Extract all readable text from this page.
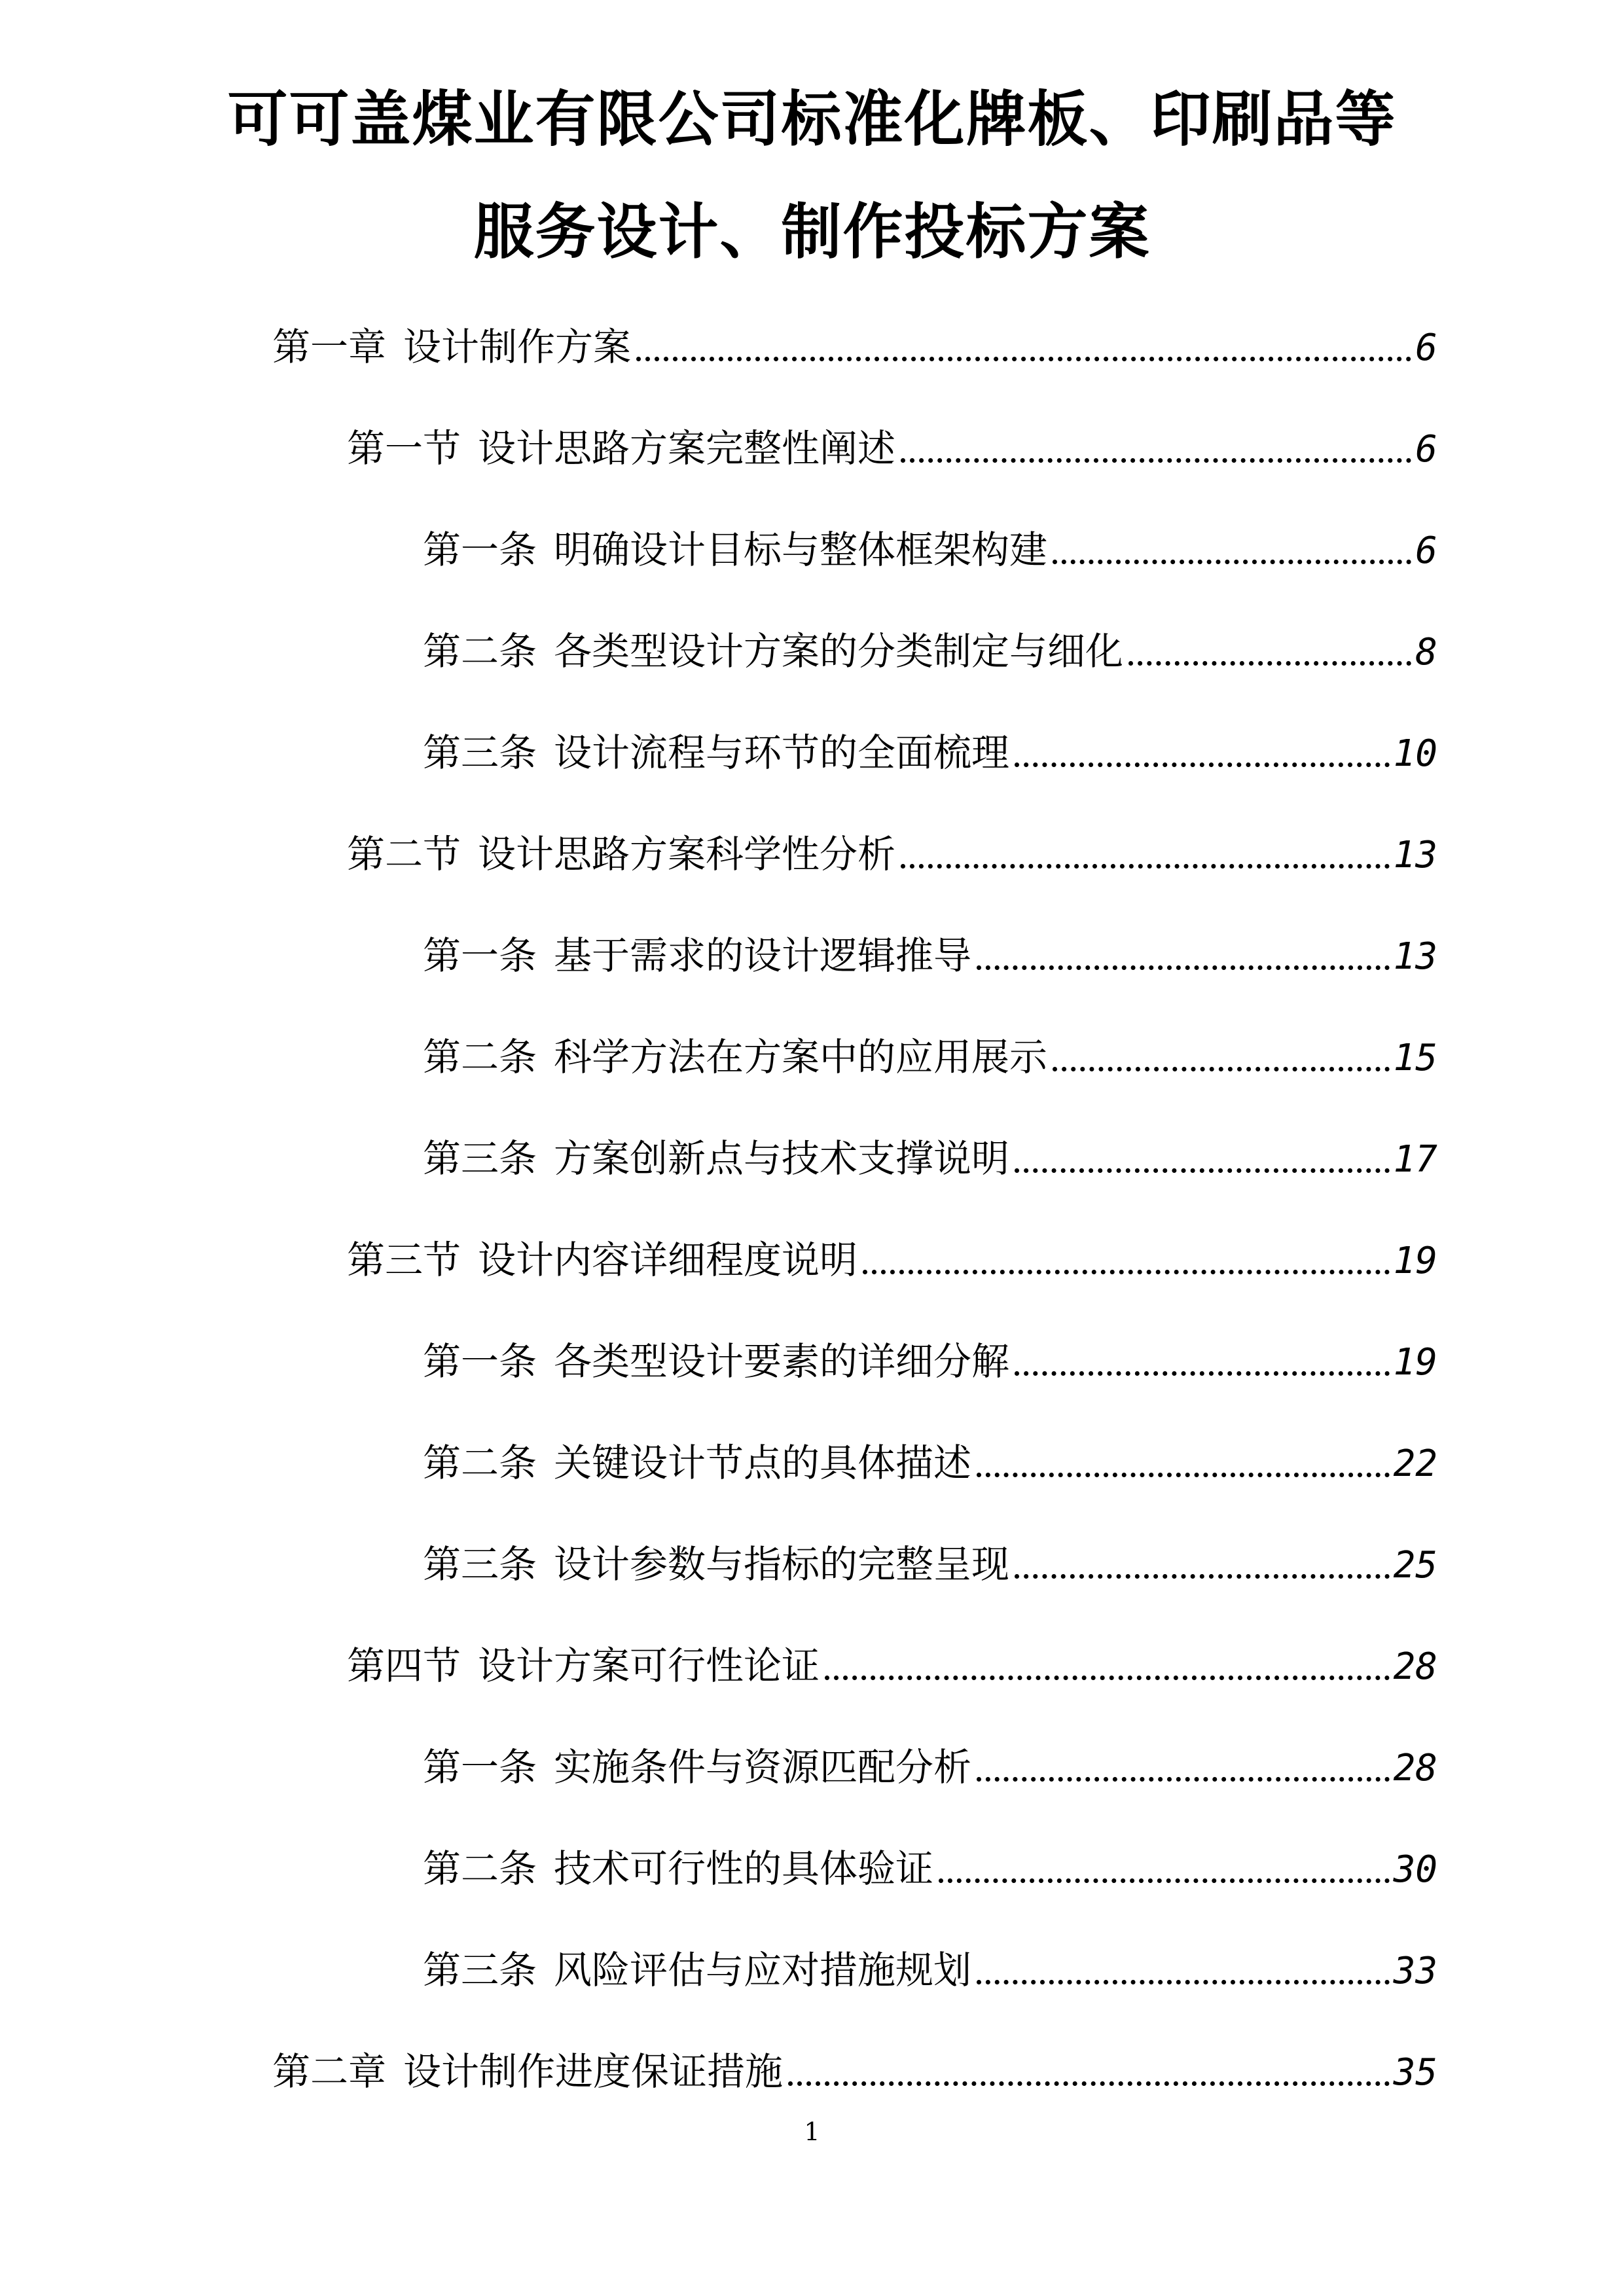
可可盖煤业有限公司标准化牌板、印刷品等
服务设计、制作投标方案
第一章 设计制作方案	6
第一节 设计思路方案完整性阐述	6
第一条 明确设计目标与整体框架构建	6
第二条 各类型设计方案的分类制定与细化	8
第三条 设计流程与环节的全面梳理	10
第二节 设计思路方案科学性分析	13
第一条 基于需求的设计逻辑推导	13
第二条 科学方法在方案中的应用展示	15
第三条 方案创新点与技术支撑说明	17
第三节 设计内容详细程度说明	19
第一条 各类型设计要素的详细分解	19
第二条 关键设计节点的具体描述	22
第三条 设计参数与指标的完整呈现	25
第四节 设计方案可行性论证	28
第一条 实施条件与资源匹配分析	28
第二条 技术可行性的具体验证	30
第三条 风险评估与应对措施规划	33
第二章 设计制作进度保证措施	35
1
